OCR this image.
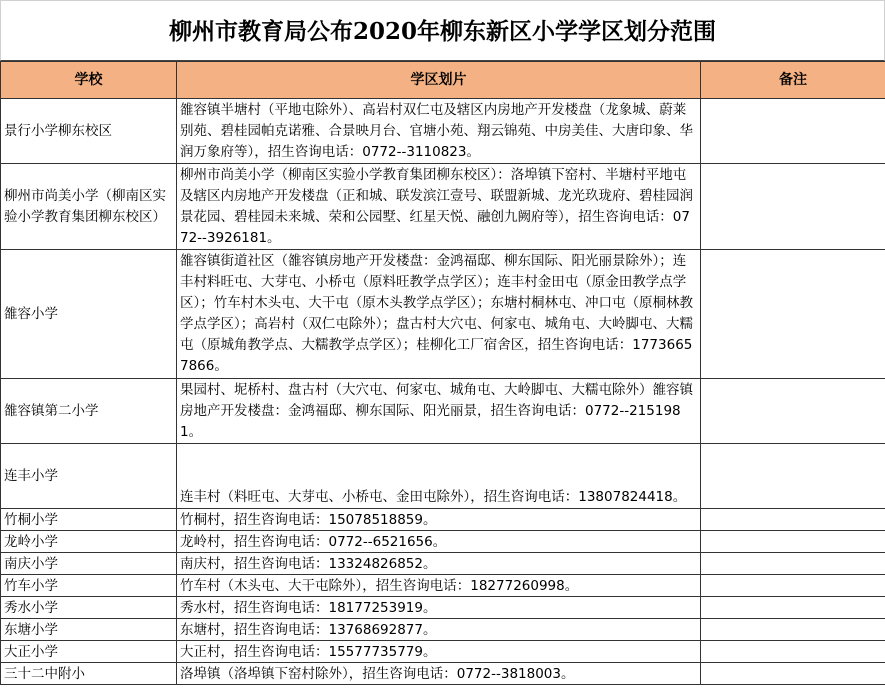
柳州市教育局公布2020年柳东新区小学学区划分范围
学校	学区划片	备注
景行小学柳东校区	雒容镇半塘村（平地屯除外）、高岩村双仁屯及辖区内房地产开发楼盘（龙象城、蔚莱别苑、碧桂园帕克诺雅、合景映月台、官塘小苑、翔云锦苑、中房美佳、大唐印象、华润万象府等），招生咨询电话：0772--3110823。	
柳州市尚美小学（柳南区实验小学教育集团柳东校区）	柳州市尚美小学（柳南区实验小学教育集团柳东校区）：洛埠镇下窑村、半塘村平地屯及辖区内房地产开发楼盘（正和城、联发滨江壹号、联盟新城、龙光玖珑府、碧桂园润景花园、碧桂园未来城、荣和公园墅、红星天悦、融创九阙府等），招生咨询电话：0772--3926181。	
雒容小学	雒容镇街道社区（雒容镇房地产开发楼盘：金鸿福邸、柳东国际、阳光丽景除外）；连丰村料旺屯、大芽屯、小桥屯（原料旺教学点学区）；连丰村金田屯（原金田教学点学区）；竹车村木头屯、大干屯（原木头教学点学区）；东塘村桐林屯、冲口屯（原桐林教学点学区）；高岩村（双仁屯除外）；盘古村大穴屯、何家屯、城角屯、大岭脚屯、大糯屯（原城角教学点、大糯教学点学区）；桂柳化工厂宿舍区，招生咨询电话：17736657866。	
雒容镇第二小学	果园村、坭桥村、盘古村（大穴屯、何家屯、城角屯、大岭脚屯、大糯屯除外）雒容镇房地产开发楼盘：金鸿福邸、柳东国际、阳光丽景，招生咨询电话：0772--2151981。	
连丰小学	连丰村（料旺屯、大芽屯、小桥屯、金田屯除外），招生咨询电话：13807824418。	
竹桐小学	竹桐村，招生咨询电话：15078518859。	
龙岭小学	龙岭村，招生咨询电话：0772--6521656。	
南庆小学	南庆村，招生咨询电话：13324826852。	
竹车小学	竹车村（木头屯、大干屯除外），招生咨询电话：18277260998。	
秀水小学	秀水村，招生咨询电话：18177253919。	
东塘小学	东塘村，招生咨询电话：13768692877。	
大正小学	大正村，招生咨询电话：15577735779。	
三十二中附小	洛埠镇（洛埠镇下窑村除外），招生咨询电话：0772--3818003。	
